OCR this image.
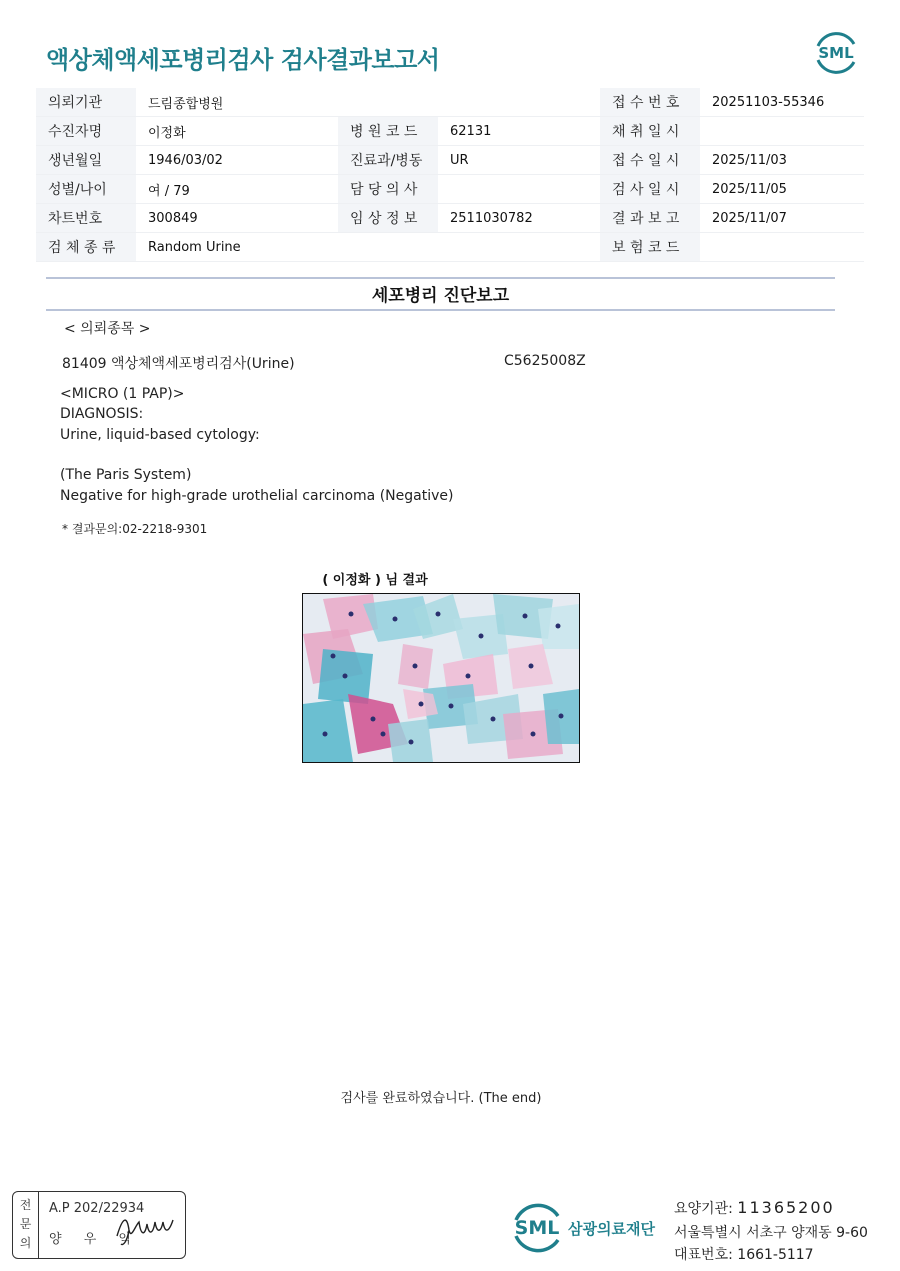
액상체액세포병리검사 검사결과보고서	SML
의뢰기관	드림종합병원			접 수 번 호	20251103-55346
수진자명	이정화	병 원 코 드	62131	채 취 일 시	
생년월일	1946/03/02	진료과/병동	UR	접 수 일 시	2025/11/03
성별/나이	여 / 79	담 당 의 사		검 사 일 시	2025/11/05
차트번호	300849	임 상 정 보	2511030782	결 과 보 고	2025/11/07
검 체 종 류	Random Urine			보 험 코 드	
세포병리 진단보고
< 의뢰종목 >
81409 액상체액세포병리검사(Urine)	C5625008Z
<MICRO (1 PAP)>
DIAGNOSIS:
Urine, liquid-based cytology:
(The Paris System)
Negative for high-grade urothelial carcinoma (Negative)
* 결과문의:02-2218-9301
( 이정화 ) 님 결과
검사를 완료하였습니다. (The end)
전
문
의
A.P 202/22934
양 우 익
SML 삼광의료재단
요양기관: 11365200
서울특별시 서초구 양재동 9-60
대표번호: 1661-5117
